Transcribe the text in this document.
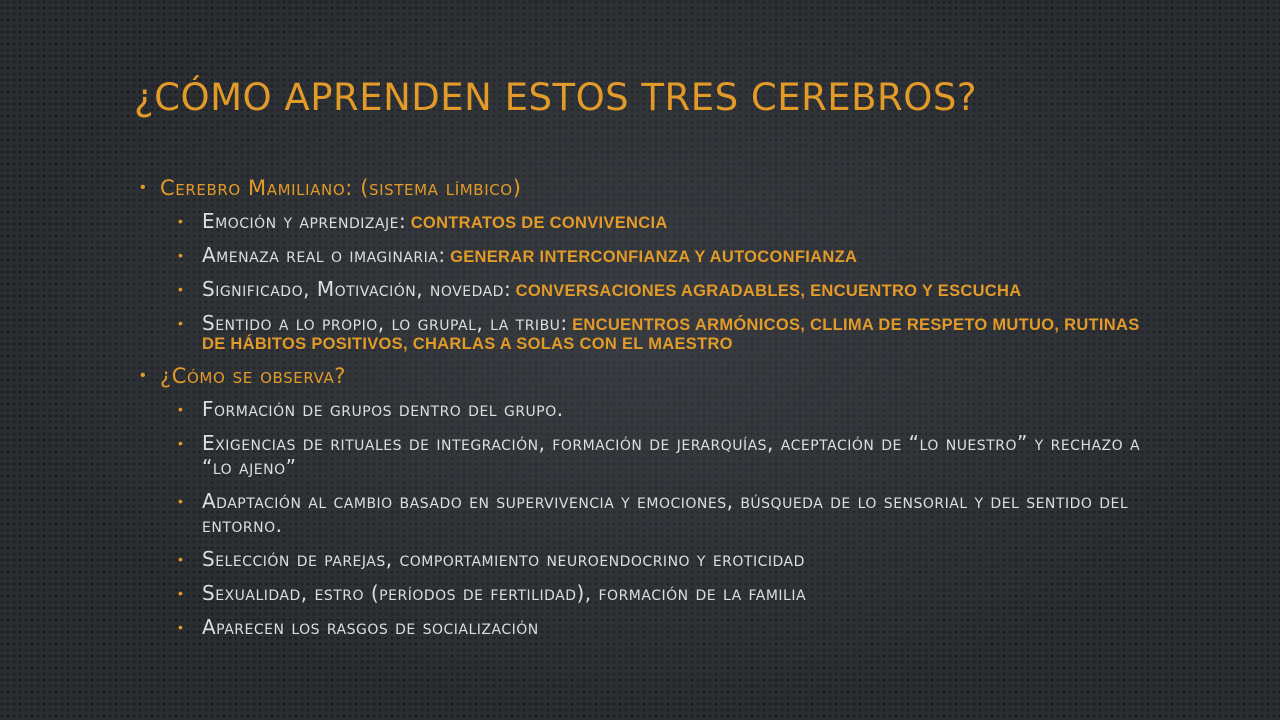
¿CÓMO APRENDEN ESTOS TRES CEREBROS?
• Cerebro Mamiliano: (sistema límbico)
• Emoción y aprendizaje: CONTRATOS DE CONVIVENCIA
• Amenaza real o imaginaria: GENERAR INTERCONFIANZA Y AUTOCONFIANZA
• Significado, Motivación, novedad: CONVERSACIONES AGRADABLES, ENCUENTRO Y ESCUCHA
• Sentido a lo propio, lo grupal, la tribu: ENCUENTROS ARMÓNICOS, CLLIMA DE RESPETO MUTUO, RUTINAS DE HÁBITOS POSITIVOS, CHARLAS A SOLAS CON EL MAESTRO
• ¿Cómo se observa?
• Formación de grupos dentro del grupo.
• Exigencias de rituales de integración, formación de jerarquías, aceptación de “lo nuestro” y rechazo a “lo ajeno”
• Adaptación al cambio basado en supervivencia y emociones, búsqueda de lo sensorial y del sentido del entorno.
• Selección de parejas, comportamiento neuroendocrino y eroticidad
• Sexualidad, estro (períodos de fertilidad), formación de la familia
• Aparecen los rasgos de socialización
